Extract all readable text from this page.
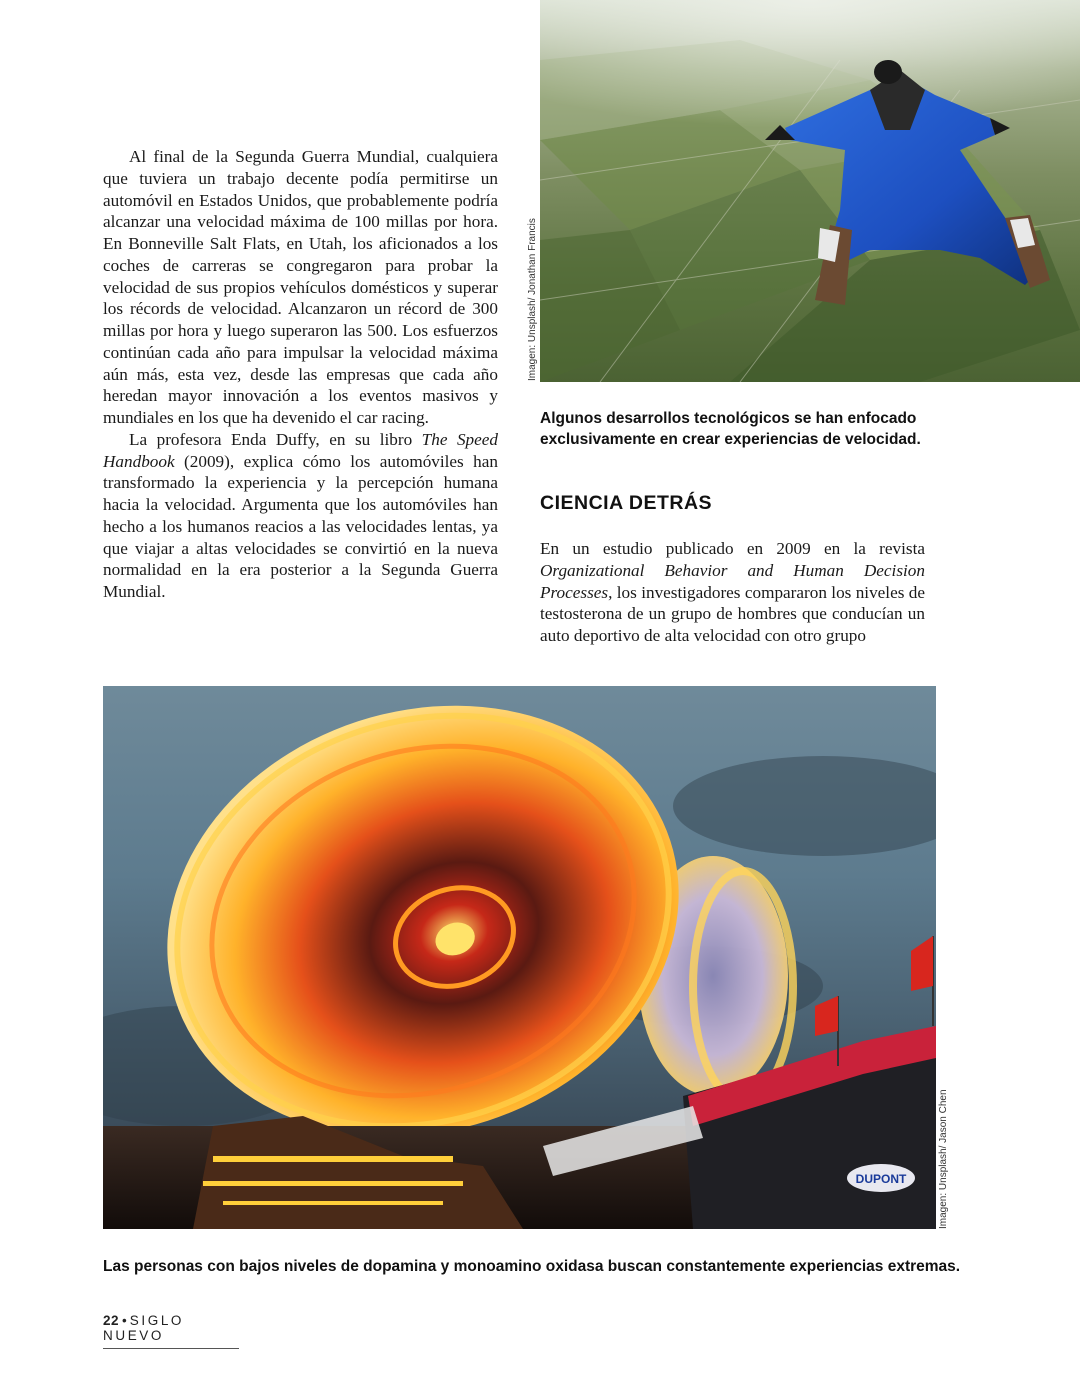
Al final de la Segunda Guerra Mundial, cualquiera que tuviera un trabajo decente podía permitirse un automóvil en Estados Unidos, que probablemente podría alcanzar una velocidad máxima de 100 millas por hora. En Bonneville Salt Flats, en Utah, los aficionados a los coches de carreras se congregaron para probar la velocidad de sus propios vehículos domésticos y superar los récords de velocidad. Alcanzaron un récord de 300 millas por hora y luego superaron las 500. Los esfuerzos continúan cada año para impulsar la velocidad máxima aún más, esta vez, desde las empresas que cada año heredan mayor innovación a los eventos masivos y mundiales en los que ha devenido el car racing.

La profesora Enda Duffy, en su libro The Speed Handbook (2009), explica cómo los automóviles han transformado la experiencia y la percepción humana hacia la velocidad. Argumenta que los automóviles han hecho a los humanos reacios a las velocidades lentas, ya que viajar a altas velocidades se convirtió en la nueva normalidad en la era posterior a la Segunda Guerra Mundial.

Imagen: Unsplash/ Jonathan Francis
Algunos desarrollos tecnológicos se han enfocado exclusivamente en crear experiencias de velocidad.
CIENCIA DETRÁS

En un estudio publicado en 2009 en la revista Organizational Behavior and Human Decision Processes, los investigadores compararon los niveles de testosterona de un grupo de hombres que conducían un auto deportivo de alta velocidad con otro grupo

DUPONT	Imagen: Unsplash/ Jason Chen
Las personas con bajos niveles de dopamina y monoamino oxidasa buscan constantemente experiencias extremas.
22 • SIGLO NUEVO
